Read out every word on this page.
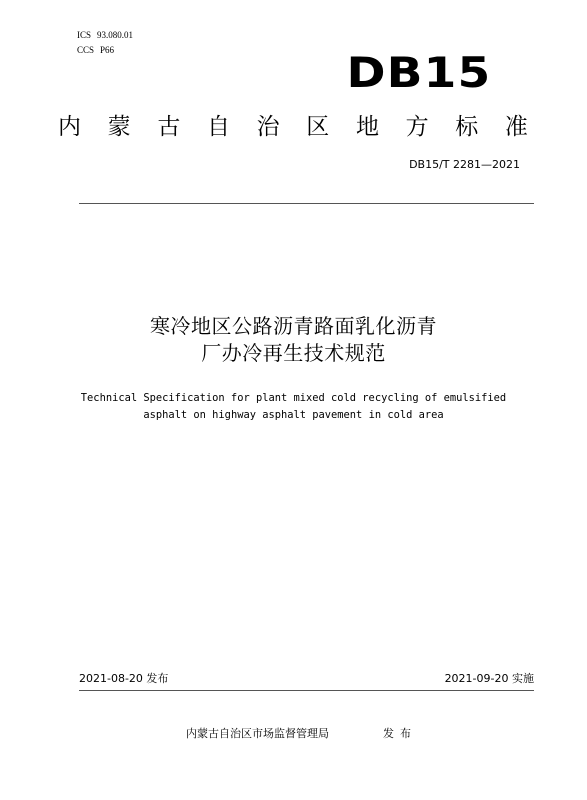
ICS 93.080.01
CCS P66	DB15
内 蒙 古 自 治 区 地 方 标 准
DB15/T 2281—2021
寒冷地区公路沥青路面乳化沥青
厂办冷再生技术规范
Technical Specification for plant mixed cold recycling of emulsified
asphalt on highway asphalt pavement in cold area
2021-08-20 发布	2021-09-20 实施
内蒙古自治区市场监督管理局	发布
